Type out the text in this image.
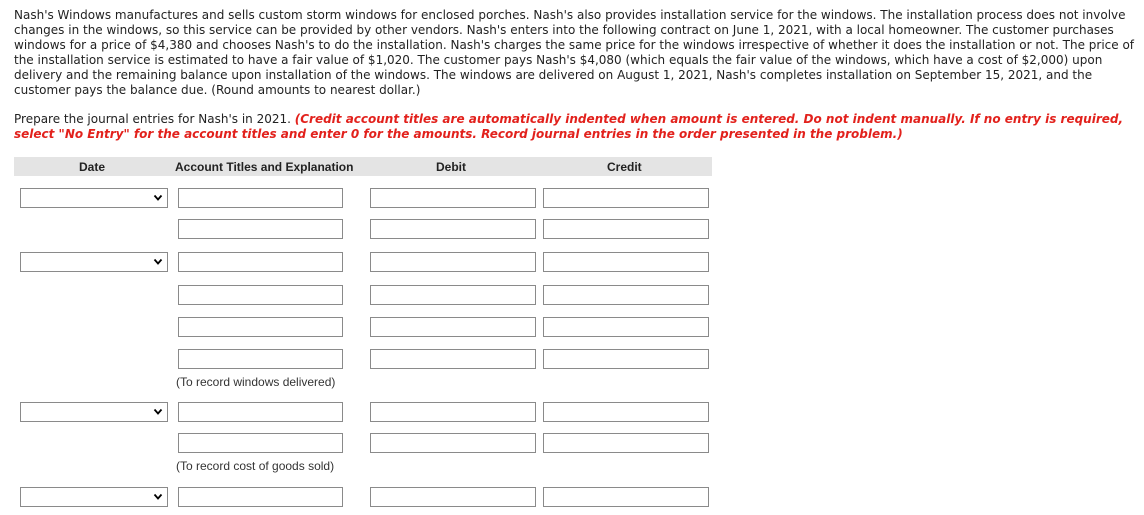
Nash's Windows manufactures and sells custom storm windows for enclosed porches. Nash's also provides installation service for the windows. The installation process does not involve changes in the windows, so this service can be provided by other vendors. Nash's enters into the following contract on June 1, 2021, with a local homeowner. The customer purchases windows for a price of $4,380 and chooses Nash's to do the installation. Nash's charges the same price for the windows irrespective of whether it does the installation or not. The price of the installation service is estimated to have a fair value of $1,020. The customer pays Nash's $4,080 (which equals the fair value of the windows, which have a cost of $2,000) upon delivery and the remaining balance upon installation of the windows. The windows are delivered on August 1, 2021, Nash's completes installation on September 15, 2021, and the customer pays the balance due. (Round amounts to nearest dollar.)

Prepare the journal entries for Nash's in 2021. (Credit account titles are automatically indented when amount is entered. Do not indent manually. If no entry is required, select "No Entry" for the account titles and enter 0 for the amounts. Record journal entries in the order presented in the problem.)

Date	Account Titles and Explanation	Debit	Credit
(To record windows delivered)
(To record cost of goods sold)
